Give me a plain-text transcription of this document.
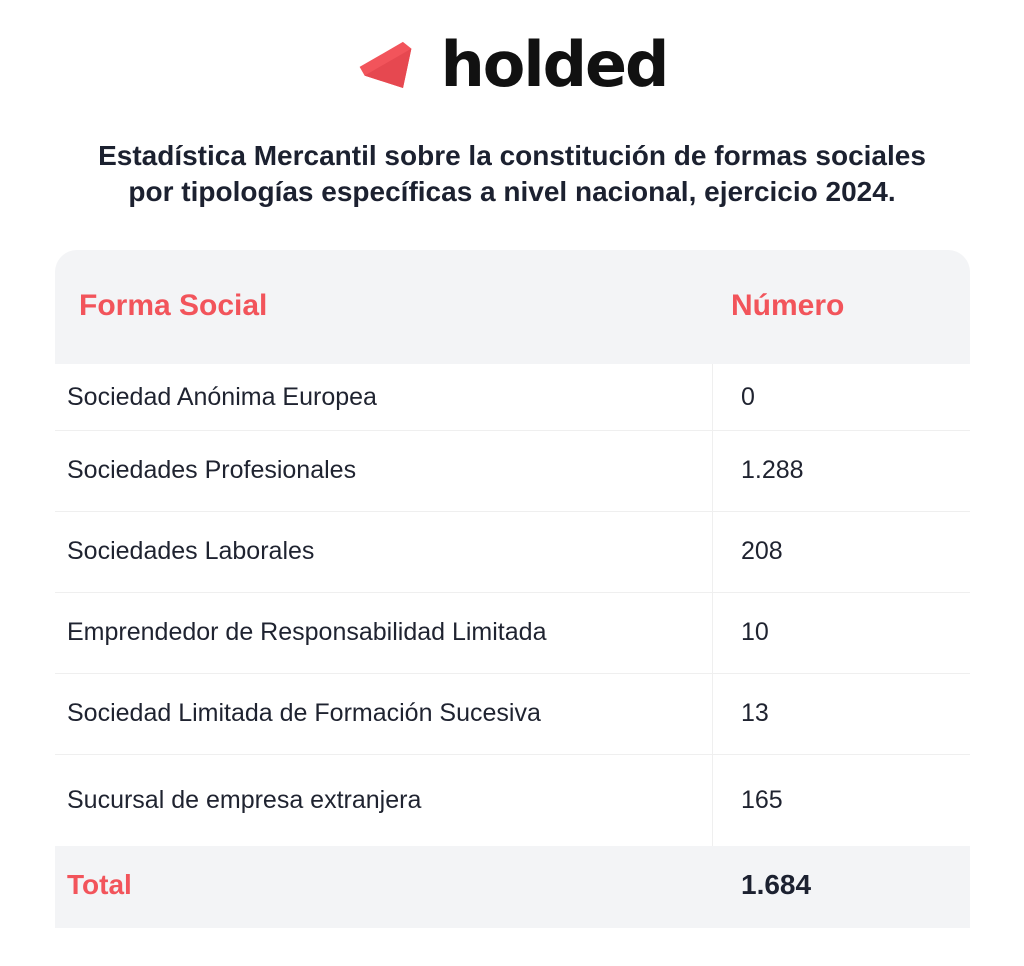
holded
Estadística Mercantil sobre la constitución de formas sociales
por tipologías específicas a nivel nacional, ejercicio 2024.
Forma Social	Número
Sociedad Anónima Europea	0
Sociedades Profesionales	1.288
Sociedades Laborales	208
Emprendedor de Responsabilidad Limitada	10
Sociedad Limitada de Formación Sucesiva	13
Sucursal de empresa extranjera	165
Total	1.684
